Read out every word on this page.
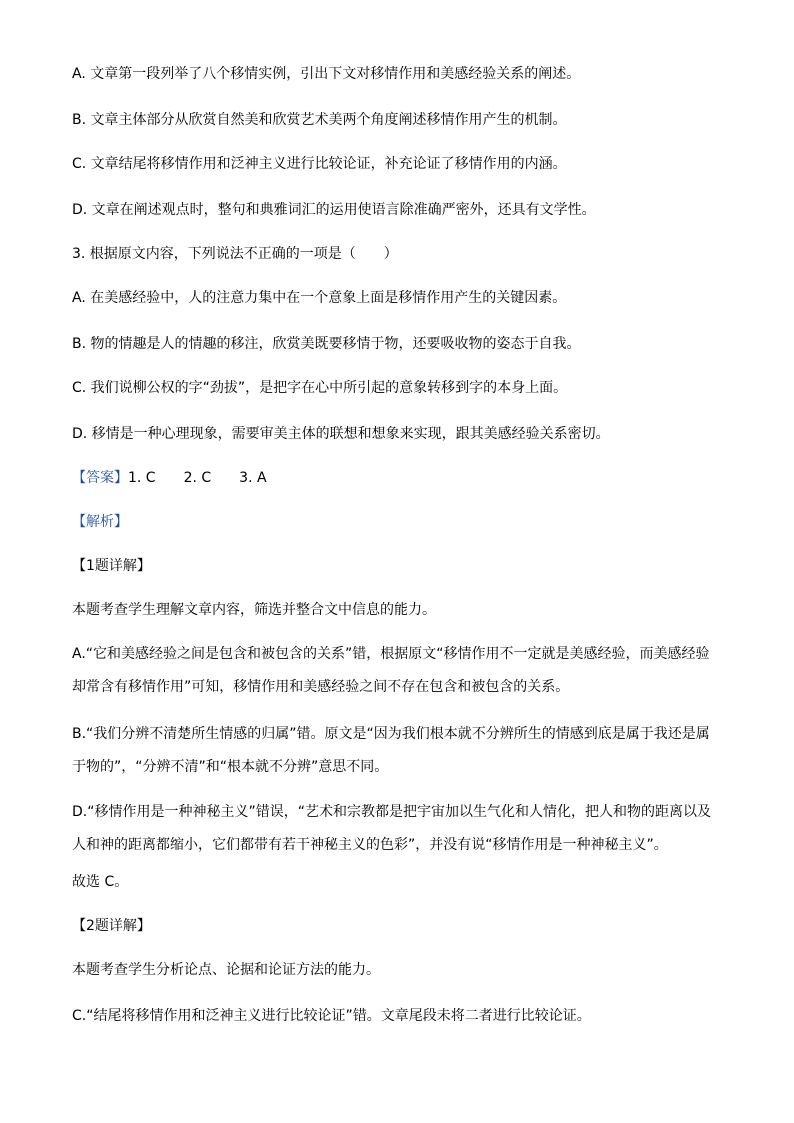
A. 文章第一段列举了八个移情实例，引出下文对移情作用和美感经验关系的阐述。
B. 文章主体部分从欣赏自然美和欣赏艺术美两个角度阐述移情作用产生的机制。
C. 文章结尾将移情作用和泛神主义进行比较论证，补充论证了移情作用的内涵。
D. 文章在阐述观点时，整句和典雅词汇的运用使语言除准确严密外，还具有文学性。
3. 根据原文内容，下列说法不正确的一项是（　　）
A. 在美感经验中，人的注意力集中在一个意象上面是移情作用产生的关键因素。
B. 物的情趣是人的情趣的移注，欣赏美既要移情于物，还要吸收物的姿态于自我。
C. 我们说柳公权的字“劲拔”，是把字在心中所引起的意象转移到字的本身上面。
D. 移情是一种心理现象，需要审美主体的联想和想象来实现，跟其美感经验关系密切。
【答案】1. C　　2. C　　3. A
【解析】
【1题详解】
本题考查学生理解文章内容，筛选并整合文中信息的能力。
A.“它和美感经验之间是包含和被包含的关系”错，根据原文“移情作用不一定就是美感经验，而美感经验却常含有移情作用”可知，移情作用和美感经验之间不存在包含和被包含的关系。
B.“我们分辨不清楚所生情感的归属”错。原文是“因为我们根本就不分辨所生的情感到底是属于我还是属于物的”，“分辨不清”和“根本就不分辨”意思不同。
D.“移情作用是一种神秘主义”错误，“艺术和宗教都是把宇宙加以生气化和人情化，把人和物的距离以及人和神的距离都缩小，它们都带有若干神秘主义的色彩”，并没有说“移情作用是一种神秘主义”。
故选 C。
【2题详解】
本题考查学生分析论点、论据和论证方法的能力。
C.“结尾将移情作用和泛神主义进行比较论证”错。文章尾段未将二者进行比较论证。
